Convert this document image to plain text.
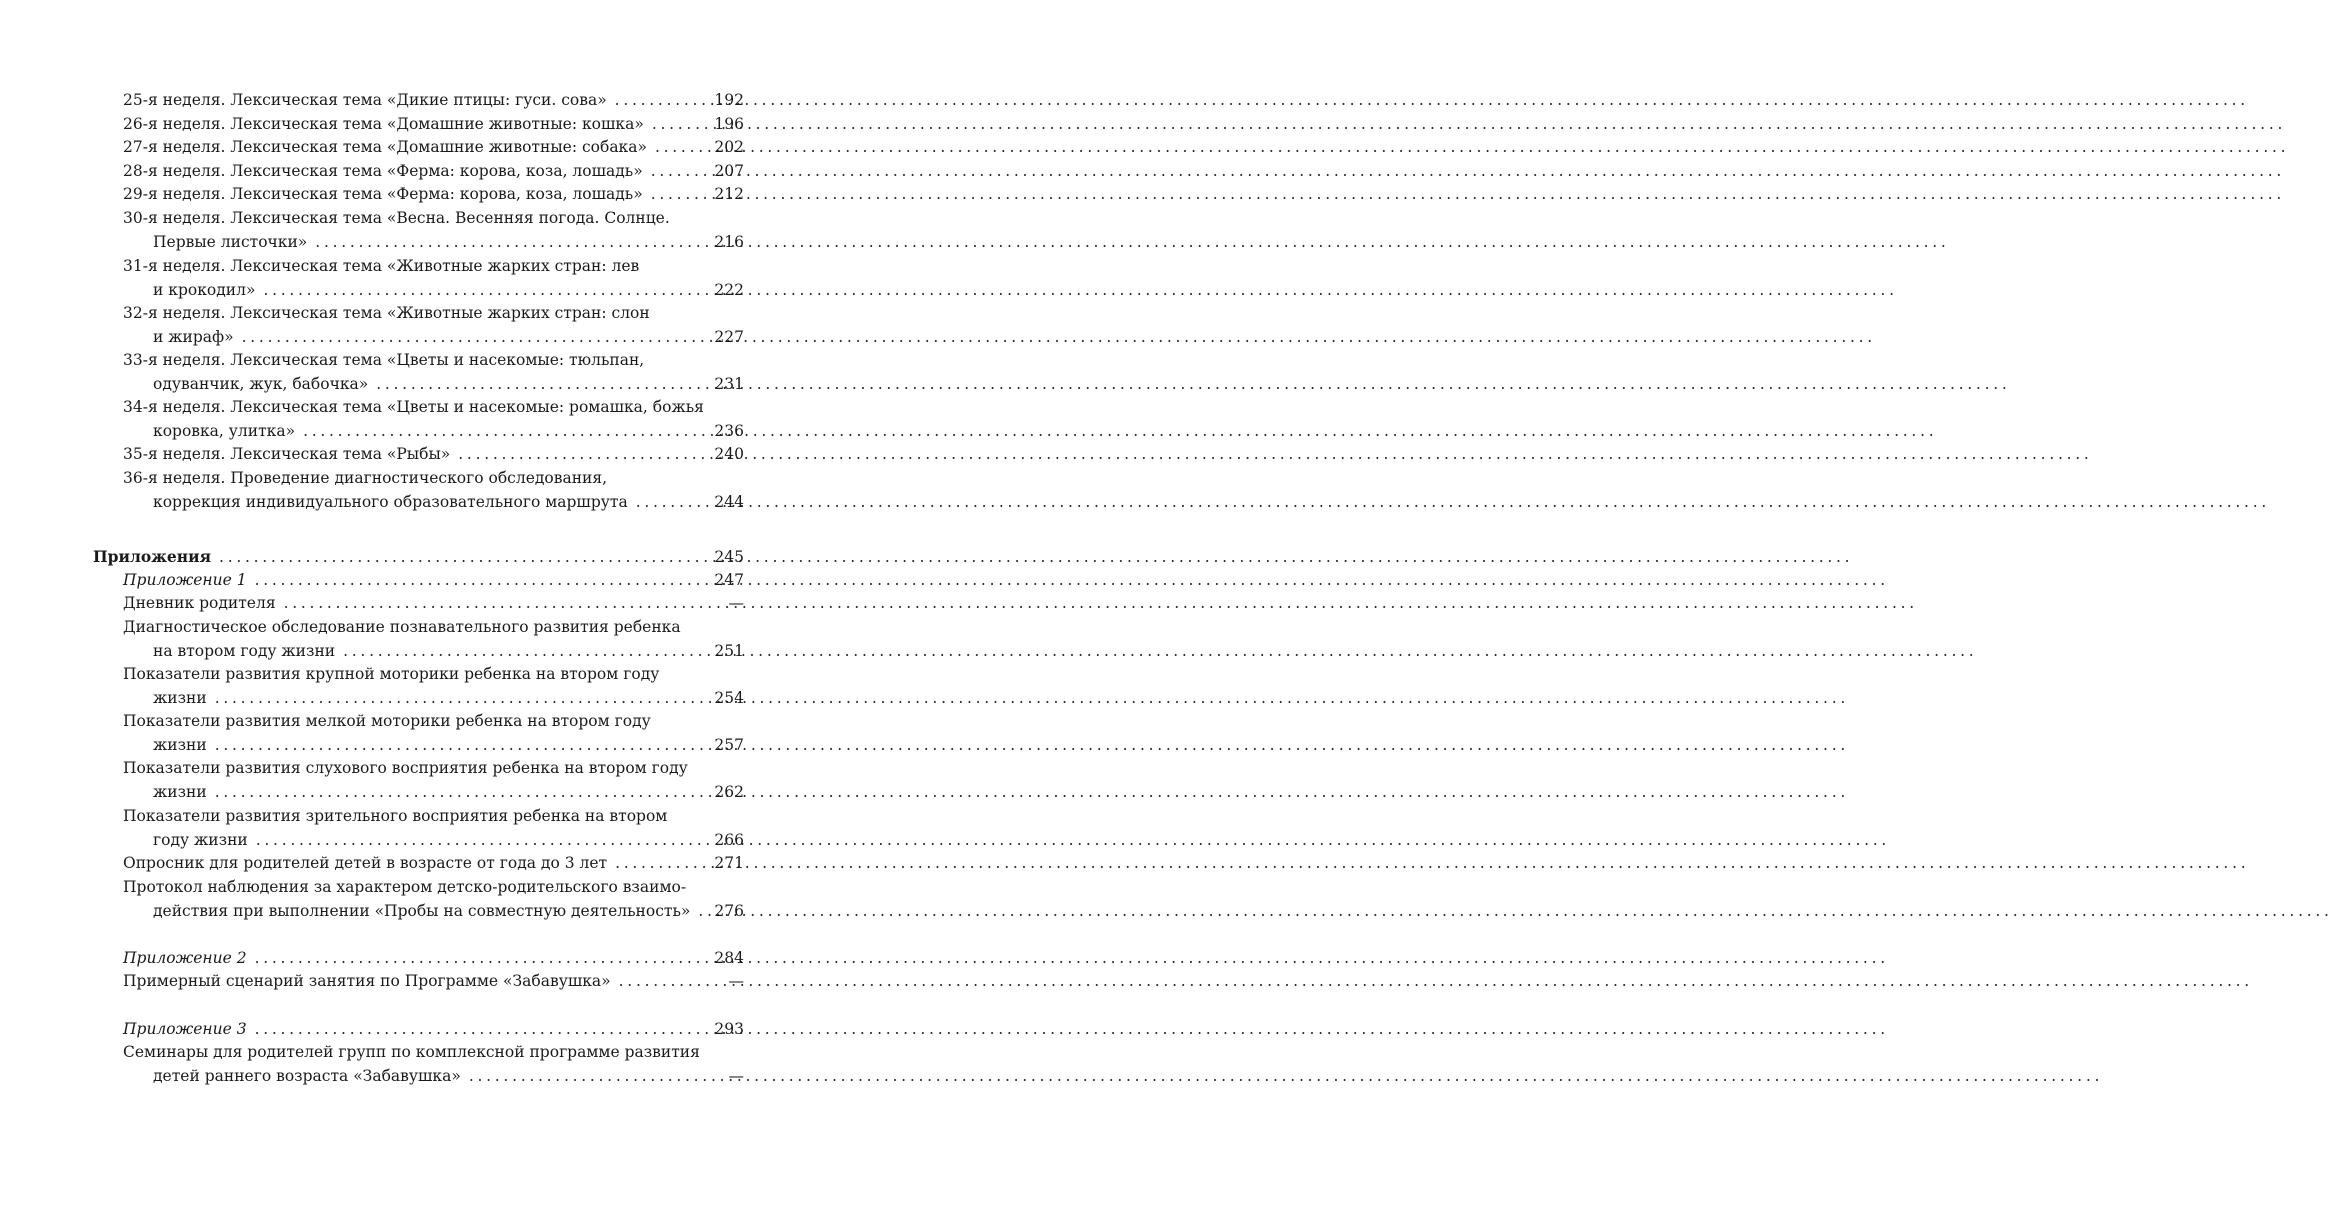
25-я неделя. Лексическая тема «Дикие птицы: гуси. сова» .....	192
26-я неделя. Лексическая тема «Домашние животные: кошка» .....	196
27-я неделя. Лексическая тема «Домашние животные: собака» .....	202
28-я неделя. Лексическая тема «Ферма: корова, коза, лошадь» .....	207
29-я неделя. Лексическая тема «Ферма: корова, коза, лошадь» .....	212
30-я неделя. Лексическая тема «Весна. Весенняя погода. Солнце.
Первые листочки» .....	216
31-я неделя. Лексическая тема «Животные жарких стран: лев
и крокодил» .....	222
32-я неделя. Лексическая тема «Животные жарких стран: слон
и жираф» .....	227
33-я неделя. Лексическая тема «Цветы и насекомые: тюльпан,
одуванчик, жук, бабочка» .....	231
34-я неделя. Лексическая тема «Цветы и насекомые: ромашка, божья
коровка, улитка» .....	236
35-я неделя. Лексическая тема «Рыбы» .....	240
36-я неделя. Проведение диагностического обследования,
коррекция индивидуального образовательного маршрута .....	244
Приложения .....	245
Приложение 1 .....	247
Дневник родителя .....	—
Диагностическое обследование познавательного развития ребенка
на втором году жизни .....	251
Показатели развития крупной моторики ребенка на втором году
жизни .....	254
Показатели развития мелкой моторики ребенка на втором году
жизни .....	257
Показатели развития слухового восприятия ребенка на втором году
жизни .....	262
Показатели развития зрительного восприятия ребенка на втором
году жизни .....	266
Опросник для родителей детей в возрасте от года до 3 лет .....	271
Протокол наблюдения за характером детско-родительского взаимо-
действия при выполнении «Пробы на совместную деятельность» ..... 276
Приложение 2 .....	284
Примерный сценарий занятия по Программе «Забавушка» .....	—
Приложение 3 .....	293
Семинары для родителей групп по комплексной программе развития
детей раннего возраста «Забавушка» .....	—
